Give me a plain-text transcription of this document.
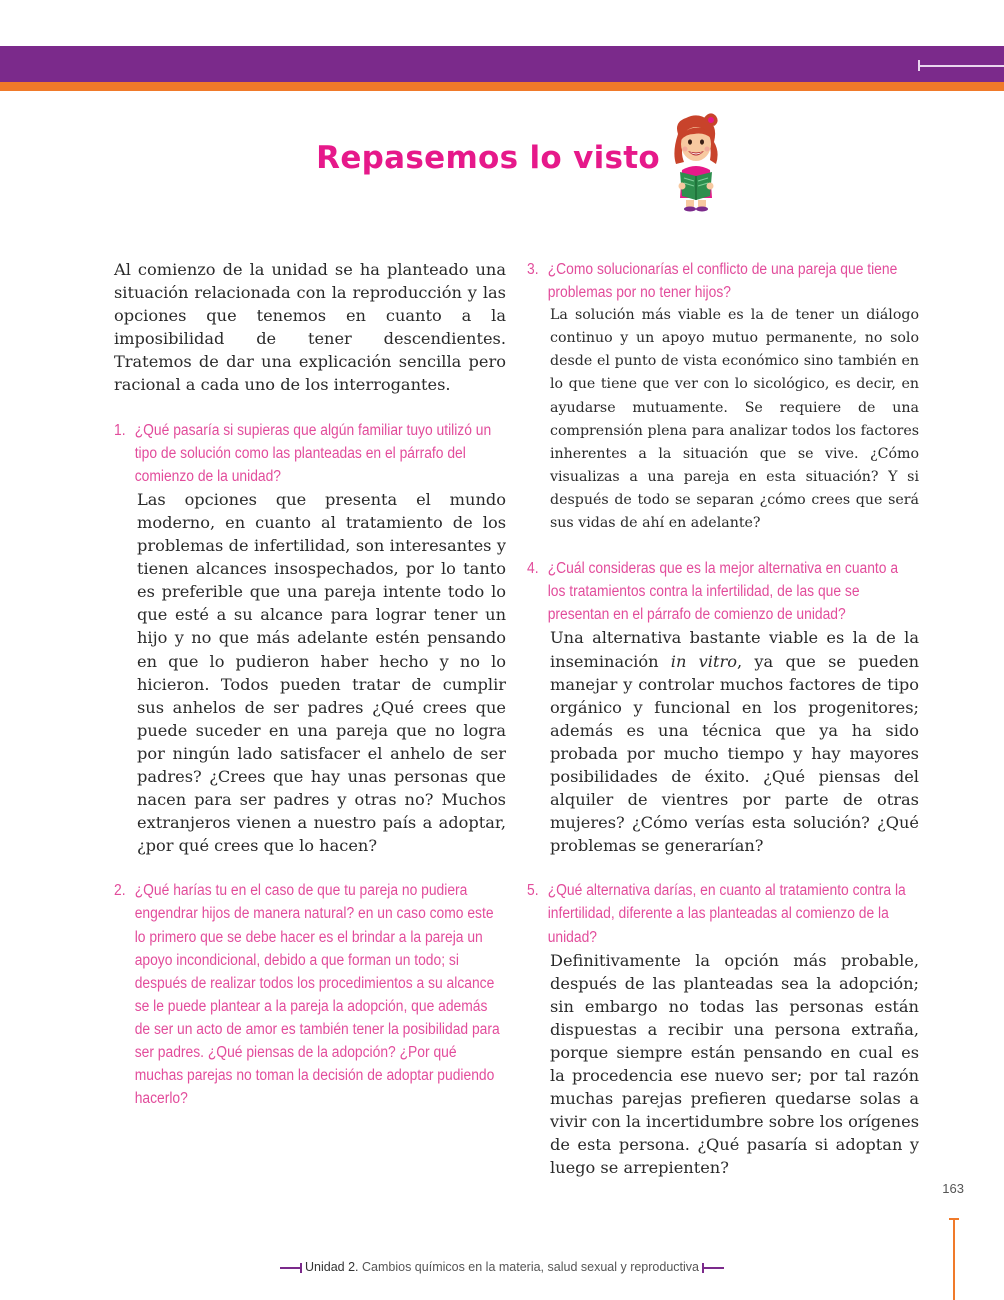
Repasemos lo visto

Al comienzo de la unidad se ha planteado una situación relacionada con la reproducción y las opciones que tenemos en cuanto a la imposibilidad de tener descendientes. Tratemos de dar una explicación sencilla pero racional a cada uno de los interrogantes.

1. ¿Qué pasaría si supieras que algún familiar tuyo utilizó un tipo de solución como las planteadas en el párrafo del comienzo de la unidad?

Las opciones que presenta el mundo moderno, en cuanto al tratamiento de los problemas de infertilidad, son interesantes y tienen alcances insospechados, por lo tanto es preferible que una pareja intente todo lo que esté a su alcance para lograr tener un hijo y no que más adelante estén pensando en que lo pudieron haber hecho y no lo hicieron. Todos pueden tratar de cumplir sus anhelos de ser padres ¿Qué crees que puede suceder en una pareja que no logra por ningún lado satisfacer el anhelo de ser padres? ¿Crees que hay unas personas que nacen para ser padres y otras no? Muchos extranjeros vienen a nuestro país a adoptar, ¿por qué crees que lo hacen?

2. ¿Qué harías tu en el caso de que tu pareja no pudiera engendrar hijos de manera natural? en un caso como este lo primero que se debe hacer es el brindar a la pareja un apoyo incondicional, debido a que forman un todo; si después de realizar todos los procedimientos a su alcance se le puede plantear a la pareja la adopción, que además de ser un acto de amor es también tener la posibilidad para ser padres. ¿Qué piensas de la adopción? ¿Por qué muchas parejas no toman la decisión de adoptar pudiendo hacerlo?
3. ¿Como solucionarías el conflicto de una pareja que tiene problemas por no tener hijos?

La solución más viable es la de tener un diálogo continuo y un apoyo mutuo permanente, no solo desde el punto de vista económico sino también en lo que tiene que ver con lo sicológico, es decir, en ayudarse mutuamente. Se requiere de una comprensión plena para analizar todos los factores inherentes a la situación que se vive. ¿Cómo visualizas a una pareja en esta situación? Y si después de todo se separan ¿cómo crees que será sus vidas de ahí en adelante?

4. ¿Cuál consideras que es la mejor alternativa en cuanto a los tratamientos contra la infertilidad, de las que se presentan en el párrafo de comienzo de unidad?

Una alternativa bastante viable es la de la inseminación in vitro, ya que se pueden manejar y controlar muchos factores de tipo orgánico y funcional en los progenitores; además es una técnica que ya ha sido probada por mucho tiempo y hay mayores posibilidades de éxito. ¿Qué piensas del alquiler de vientres por parte de otras mujeres? ¿Cómo verías esta solución? ¿Qué problemas se generarían?

5. ¿Qué alternativa darías, en cuanto al tratamiento contra la infertilidad, diferente a las planteadas al comienzo de la unidad?

Definitivamente la opción más probable, después de las planteadas sea la adopción; sin embargo no todas las personas están dispuestas a recibir una persona extraña, porque siempre están pensando en cual es la procedencia ese nuevo ser; por tal razón muchas parejas prefieren quedarse solas a vivir con la incertidumbre sobre los orígenes de esta persona. ¿Qué pasaría si adoptan y luego se arrepienten?

163
Unidad 2. Cambios químicos en la materia, salud sexual y reproductiva
